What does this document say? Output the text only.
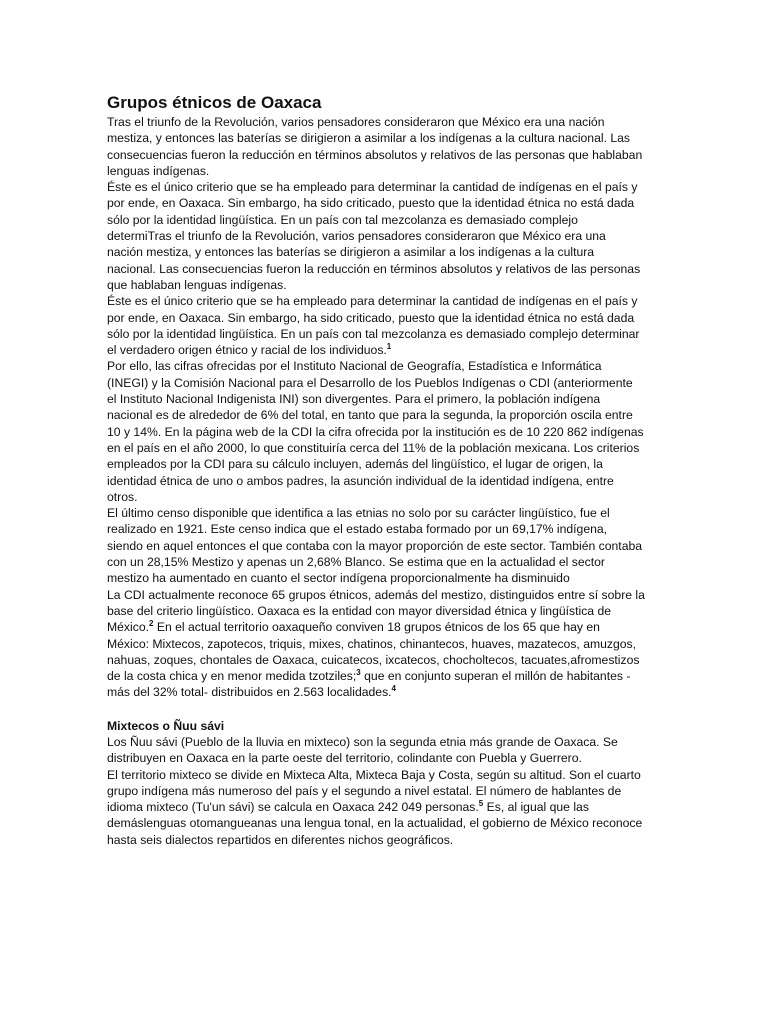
Grupos étnicos de Oaxaca

Tras el triunfo de la Revolución, varios pensadores consideraron que México era una nación mestiza, y entonces las baterías se dirigieron a asimilar a los indígenas a la cultura nacional. Las consecuencias fueron la reducción en términos absolutos y relativos de las personas que hablaban lenguas indígenas.

Éste es el único criterio que se ha empleado para determinar la cantidad de indígenas en el país y por ende, en Oaxaca. Sin embargo, ha sido criticado, puesto que la identidad étnica no está dada sólo por la identidad lingüística. En un país con tal mezcolanza es demasiado complejo determiTras el triunfo de la Revolución, varios pensadores consideraron que México era una nación mestiza, y entonces las baterías se dirigieron a asimilar a los indígenas a la cultura nacional. Las consecuencias fueron la reducción en términos absolutos y relativos de las personas que hablaban lenguas indígenas.

Éste es el único criterio que se ha empleado para determinar la cantidad de indígenas en el país y por ende, en Oaxaca. Sin embargo, ha sido criticado, puesto que la identidad étnica no está dada sólo por la identidad lingüística. En un país con tal mezcolanza es demasiado complejo determinar el verdadero origen étnico y racial de los individuos.$^1$

Por ello, las cifras ofrecidas por el Instituto Nacional de Geografía, Estadística e Informática (INEGI) y la Comisión Nacional para el Desarrollo de los Pueblos Indígenas o CDI (anteriormente el Instituto Nacional Indigenista INI) son divergentes. Para el primero, la población indígena nacional es de alrededor de 6% del total, en tanto que para la segunda, la proporción oscila entre 10 y 14%. En la página web de la CDI la cifra ofrecida por la institución es de 10 220 862 indígenas en el país en el año 2000, lo que constituiría cerca del 11% de la población mexicana. Los criterios empleados por la CDI para su cálculo incluyen, además del lingüístico, el lugar de origen, la identidad étnica de uno o ambos padres, la asunción individual de la identidad indígena, entre otros.

El último censo disponible que identifica a las etnias no solo por su carácter lingüístico, fue el realizado en 1921. Este censo indica que el estado estaba formado por un 69,17% indígena, siendo en aquel entonces el que contaba con la mayor proporción de este sector. También contaba con un 28,15% Mestizo y apenas un 2,68% Blanco. Se estima que en la actualidad el sector mestizo ha aumentado en cuanto el sector indígena proporcionalmente ha disminuido

La CDI actualmente reconoce 65 grupos étnicos, además del mestizo, distinguidos entre sí sobre la base del criterio lingüístico. Oaxaca es la entidad con mayor diversidad étnica y lingüística de México.$^2$ En el actual territorio oaxaqueño conviven 18 grupos étnicos de los 65 que hay en México: Mixtecos, zapotecos, triquis, mixes, chatinos, chinantecos, huaves, mazatecos, amuzgos, nahuas, zoques, chontales de Oaxaca, cuicatecos, ixcatecos, chocholtecos, tacuates,afromestizos de la costa chica y en menor medida tzotziles;$^3$ que en conjunto superan el millón de habitantes -más del 32% total- distribuidos en 2.563 localidades.$^4$

Mixtecos o Ñuu sávi

Los Ñuu sávi (Pueblo de la lluvia en mixteco) son la segunda etnia más grande de Oaxaca. Se distribuyen en Oaxaca en la parte oeste del territorio, colindante con Puebla y Guerrero.

El territorio mixteco se divide en Mixteca Alta, Mixteca Baja y Costa, según su altitud. Son el cuarto grupo indígena más numeroso del país y el segundo a nivel estatal. El número de hablantes de idioma mixteco (Tu'un sávi) se calcula en Oaxaca 242 049 personas.$^5$ Es, al igual que las demáslenguas otomangueanas una lengua tonal, en la actualidad, el gobierno de México reconoce hasta seis dialectos repartidos en diferentes nichos geográficos.
